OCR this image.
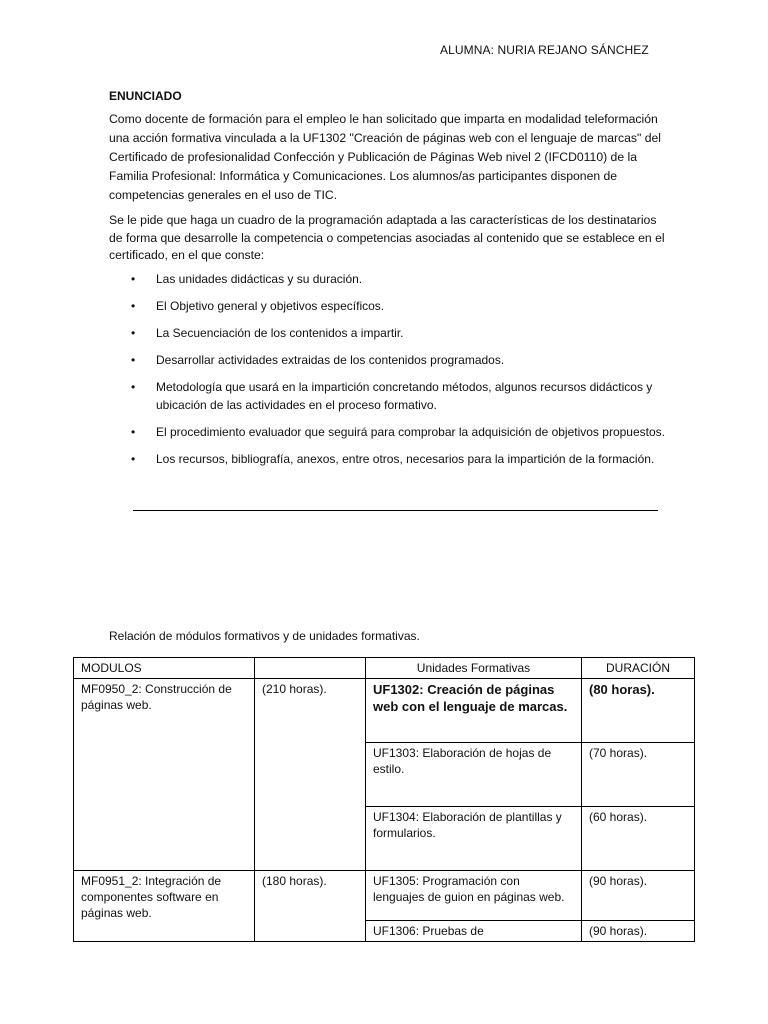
ALUMNA: NURIA REJANO SÁNCHEZ
ENUNCIADO
Como docente de formación para el empleo le han solicitado que imparta en modalidad teleformación una acción formativa vinculada a la UF1302 "Creación de páginas web con el lenguaje de marcas" del Certificado de profesionalidad Confección y Publicación de Páginas Web nivel 2 (IFCD0110) de la Familia Profesional: Informática y Comunicaciones. Los alumnos/as participantes disponen de competencias generales en el uso de TIC.
Se le pide que haga un cuadro de la programación adaptada a las características de los destinatarios de forma que desarrolle la competencia o competencias asociadas al contenido que se establece en el certificado, en el que conste:
• Las unidades didácticas y su duración.
• El Objetivo general y objetivos específicos.
• La Secuenciación de los contenidos a impartir.
• Desarrollar actividades extraidas de los contenidos programados.
• Metodología que usará en la impartición concretando métodos, algunos recursos didácticos y ubicación de las actividades en el proceso formativo.
• El procedimiento evaluador que seguirá para comprobar la adquisición de objetivos propuestos.
• Los recursos, bibliografía, anexos, entre otros, necesarios para la impartición de la formación.
Relación de módulos formativos y de unidades formativas.
MODULOS		Unidades Formativas	DURACIÓN
MF0950_2: Construcción de páginas web.	(210 horas).	UF1302: Creación de páginas web con el lenguaje de marcas.	(80 horas).
		UF1303: Elaboración de hojas de estilo.	(70 horas).
		UF1304: Elaboración de plantillas y formularios.	(60 horas).
MF0951_2: Integración de componentes software en páginas web.	(180 horas).	UF1305: Programación con lenguajes de guion en páginas web.	(90 horas).
		UF1306: Pruebas de	(90 horas).
